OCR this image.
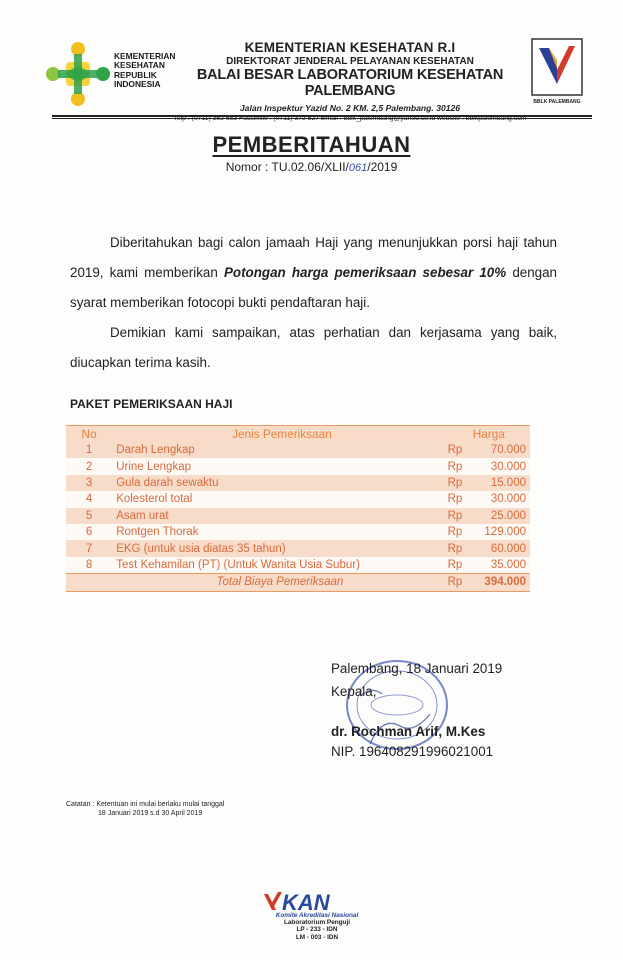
KEMENTERIAN
KESEHATAN
REPUBLIK
INDONESIA
KEMENTERIAN KESEHATAN R.I
DIREKTORAT JENDERAL PELAYANAN KESEHATAN
BALAI BESAR LABORATORIUM KESEHATAN PALEMBANG
Jalan Inspektur Yazid No. 2 KM. 2,5 Palembang. 30126
BBLK PALEMBANG
PEMBERITAHUAN
Nomor : TU.02.06/XLII/061/2019

Diberitahukan bagi calon jamaah Haji yang menunjukkan porsi haji tahun 2019, kami memberikan Potongan harga pemeriksaan sebesar 10% dengan syarat memberikan fotocopi bukti pendaftaran haji.

Demikian kami sampaikan, atas perhatian dan kerjasama yang baik, diucapkan terima kasih.

PAKET PEMERIKSAAN HAJI
No	Jenis Pemeriksaan	Harga	
1	Darah Lengkap	Rp	70.000
2	Urine Lengkap	Rp	30.000
3	Gula darah sewaktu	Rp	15.000
4	Kolesterol total	Rp	30.000
5	Asam urat	Rp	25.000
6	Rontgen Thorak	Rp	129.000
7	EKG (untuk usia diatas 35 tahun)	Rp	60.000
8	Test Kehamilan (PT) (Untuk Wanita Usia Subur)	Rp	35.000
	Total Biaya Pemeriksaan	Rp	394.000
Palembang, 18 Januari 2019
Kepala,
dr. Rochman Arif, M.Kes
NIP. 196408291996021001
Catatan : Ketentuan ini mulai berlaku mulai tanggal
18 Januari 2019 s.d 30 April 2019
KAN
Komite Akreditasi Nasional
Laboratorium Penguji
LP - 233 - IDN
LM - 003 - IDN
